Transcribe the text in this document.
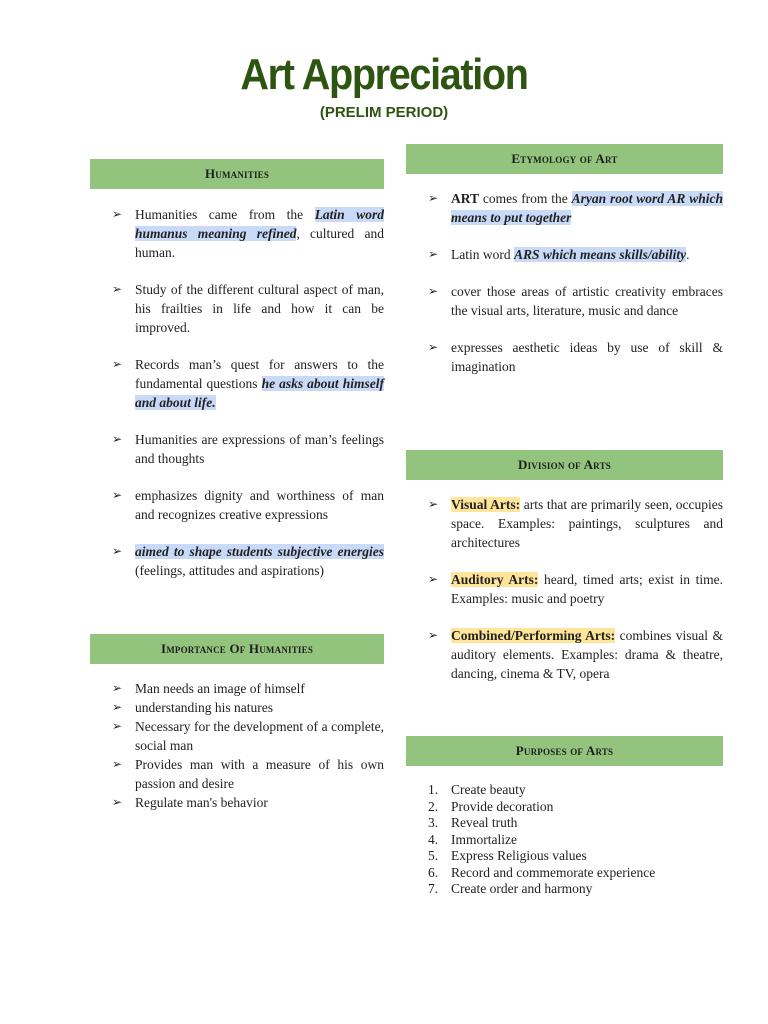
Art Appreciation
(PRELIM PERIOD)
Humanities
➢ Humanities came from the Latin word humanus meaning refined, cultured and human.
➢ Study of the different cultural aspect of man, his frailties in life and how it can be improved.
➢ Records man’s quest for answers to the fundamental questions he asks about himself and about life.
➢ Humanities are expressions of man’s feelings and thoughts
➢ emphasizes dignity and worthiness of man and recognizes creative expressions
➢ aimed to shape students subjective energies (feelings, attitudes and aspirations)
Importance Of Humanities
➢ Man needs an image of himself
➢ understanding his natures
➢ Necessary for the development of a complete, social man
➢ Provides man with a measure of his own passion and desire
➢ Regulate man's behavior
Etymology of Art
➢ ART comes from the Aryan root word AR which means to put together
➢ Latin word ARS which means skills/ability.
➢ cover those areas of artistic creativity embraces the visual arts, literature, music and dance
➢ expresses aesthetic ideas by use of skill & imagination
Division of Arts
➢ Visual Arts: arts that are primarily seen, occupies space. Examples: paintings, sculptures and architectures
➢ Auditory Arts: heard, timed arts; exist in time. Examples: music and poetry
➢ Combined/Performing Arts: combines visual & auditory elements. Examples: drama & theatre, dancing, cinema & TV, opera
Purposes of Arts
1. Create beauty
2. Provide decoration
3. Reveal truth
4. Immortalize
5. Express Religious values
6. Record and commemorate experience
7. Create order and harmony
